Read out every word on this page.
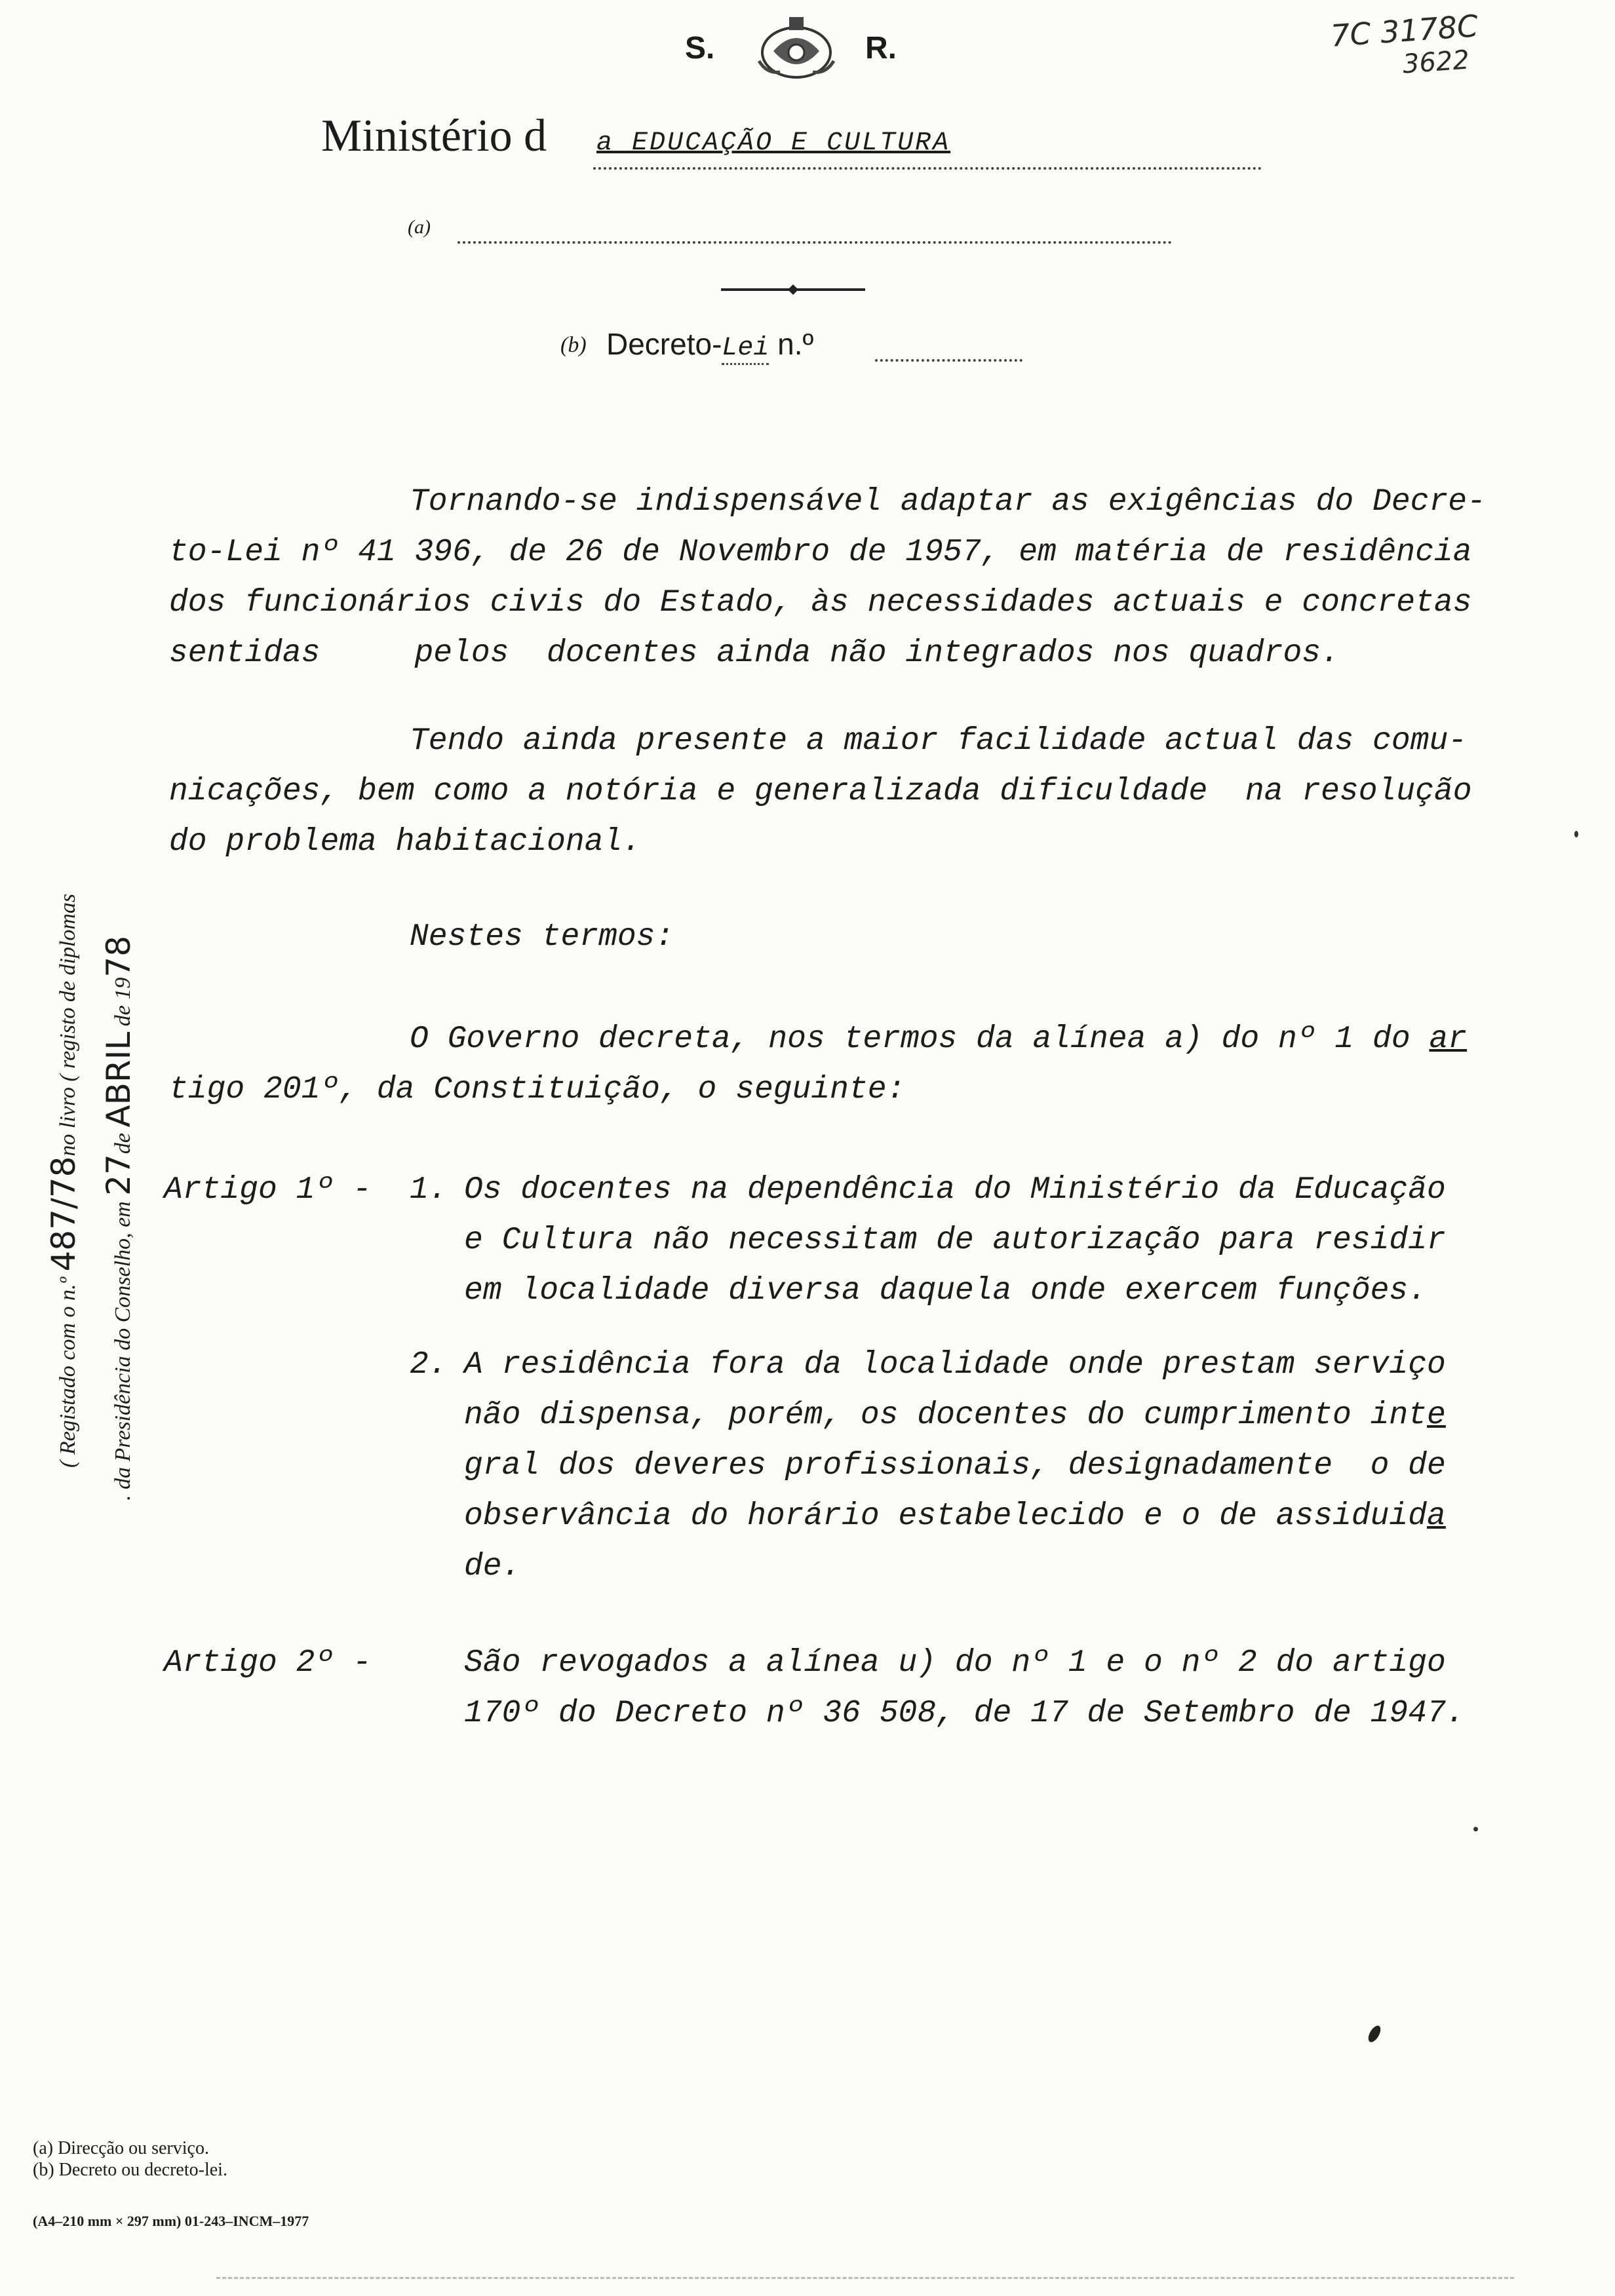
S.	R.	7C 3178C
3622
Ministério d a EDUCAÇÃO E CULTURA
(a)
(b) Decreto-Lei n.º
Tornando-se indispensável adaptar as exigências do Decre-
to-Lei nº 41 396, de 26 de Novembro de 1957, em matéria de residência
dos funcionários civis do Estado, às necessidades actuais e concretas
sentidas     pelos  docentes ainda não integrados nos quadros.
Tendo ainda presente a maior facilidade actual das comu-
nicações, bem como a notória e generalizada dificuldade  na resolução
do problema habitacional.
Nestes termos:
O Governo decreta, nos termos da alínea a) do nº 1 do ar
tigo 201º, da Constituição, o seguinte:
Artigo 1º - 1. Os docentes na dependência do Ministério da Educação
e Cultura não necessitam de autorização para residir
em localidade diversa daquela onde exercem funções.
2. A residência fora da localidade onde prestam serviço
não dispensa, porém, os docentes do cumprimento inte
gral dos deveres profissionais, designadamente  o de
observância do horário estabelecido e o de assiduida
de.
Artigo 2º -	São revogados a alínea u) do nº 1 e o nº 2 do artigo
170º do Decreto nº 36 508, de 17 de Setembro de 1947.
( Registado com o n.º 487/78no livro ( registo de diplomas
. da Presidência do Conselho, em 27de ABRIL de 1978
(a) Direcção ou serviço.
(b) Decreto ou decreto-lei.
(A4–210 mm × 297 mm) 01-243–INCM–1977
